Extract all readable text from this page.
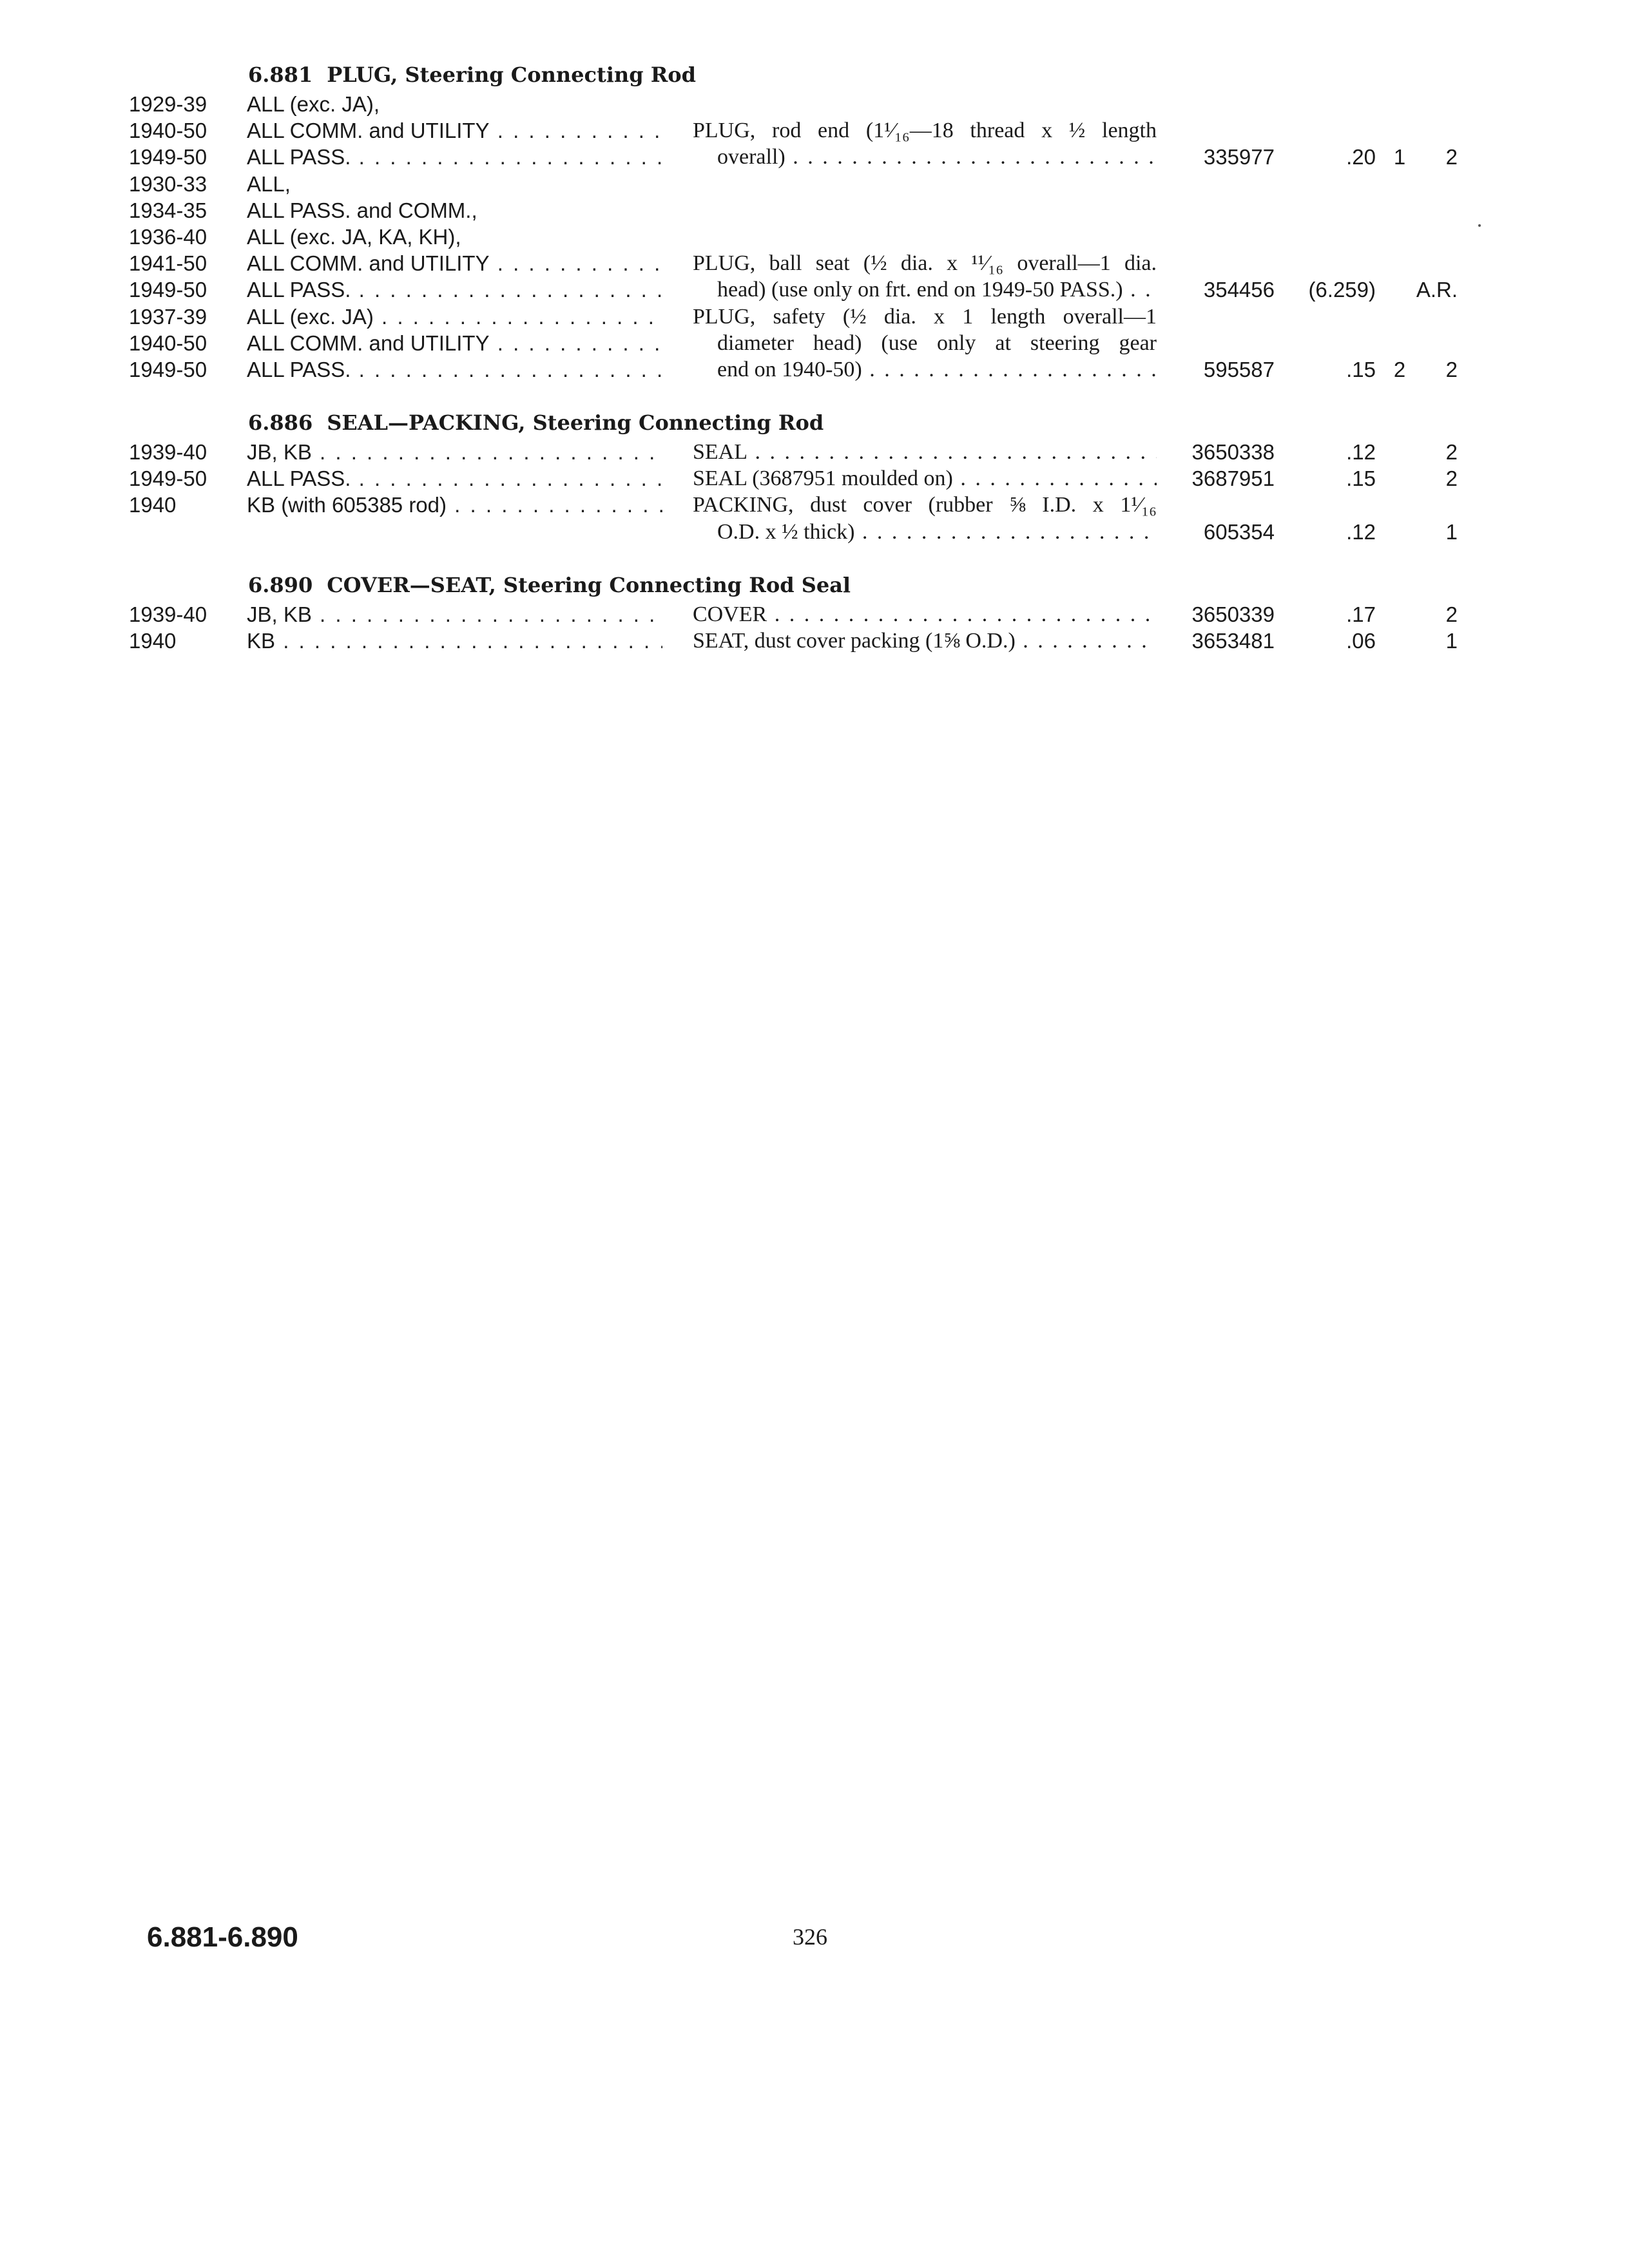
6.881 PLUG, Steering Connecting Rod
1929-39 ALL (exc. JA),
1940-50 ALL COMM. and UTILITY . . .	PLUG, rod end (1¹⁄₁₆—18 thread x ½ length
1949-50 ALL PASS. . . .	overall) . . .	335977	.20 1	2
1930-33 ALL,
1934-35 ALL PASS. and COMM.,
1936-40 ALL (exc. JA, KA, KH),
1941-50 ALL COMM. and UTILITY . . .	PLUG, ball seat (½ dia. x ¹¹⁄₁₆ overall—1 dia.
1949-50 ALL PASS. . . .	head) (use only on frt. end on 1949-50 PASS.) . . .	354456	(6.259)	A.R.
1937-39 ALL (exc. JA) . . .	PLUG, safety (½ dia. x 1 length overall—1
1940-50 ALL COMM. and UTILITY . . .	diameter head) (use only at steering gear
1949-50 ALL PASS. . . .	end on 1940-50) . . .	595587	.15 2	2
6.886 SEAL—PACKING, Steering Connecting Rod
1939-40 JB, KB . . .	SEAL . . .	3650338	.12	2
1949-50 ALL PASS. . . .	SEAL (3687951 moulded on) . . .	3687951	.15	2
1940	KB (with 605385 rod) . . .	PACKING, dust cover (rubber ⅝ I.D. x 1¹⁄₁₆
O.D. x ½ thick) . . .	605354	.12	1
6.890 COVER—SEAT, Steering Connecting Rod Seal
1939-40 JB, KB . . .	COVER . . .	3650339	.17	2
1940	KB . . .	SEAT, dust cover packing (1⅝ O.D.) . . .	3653481	.06	1
6.881-6.890	326
